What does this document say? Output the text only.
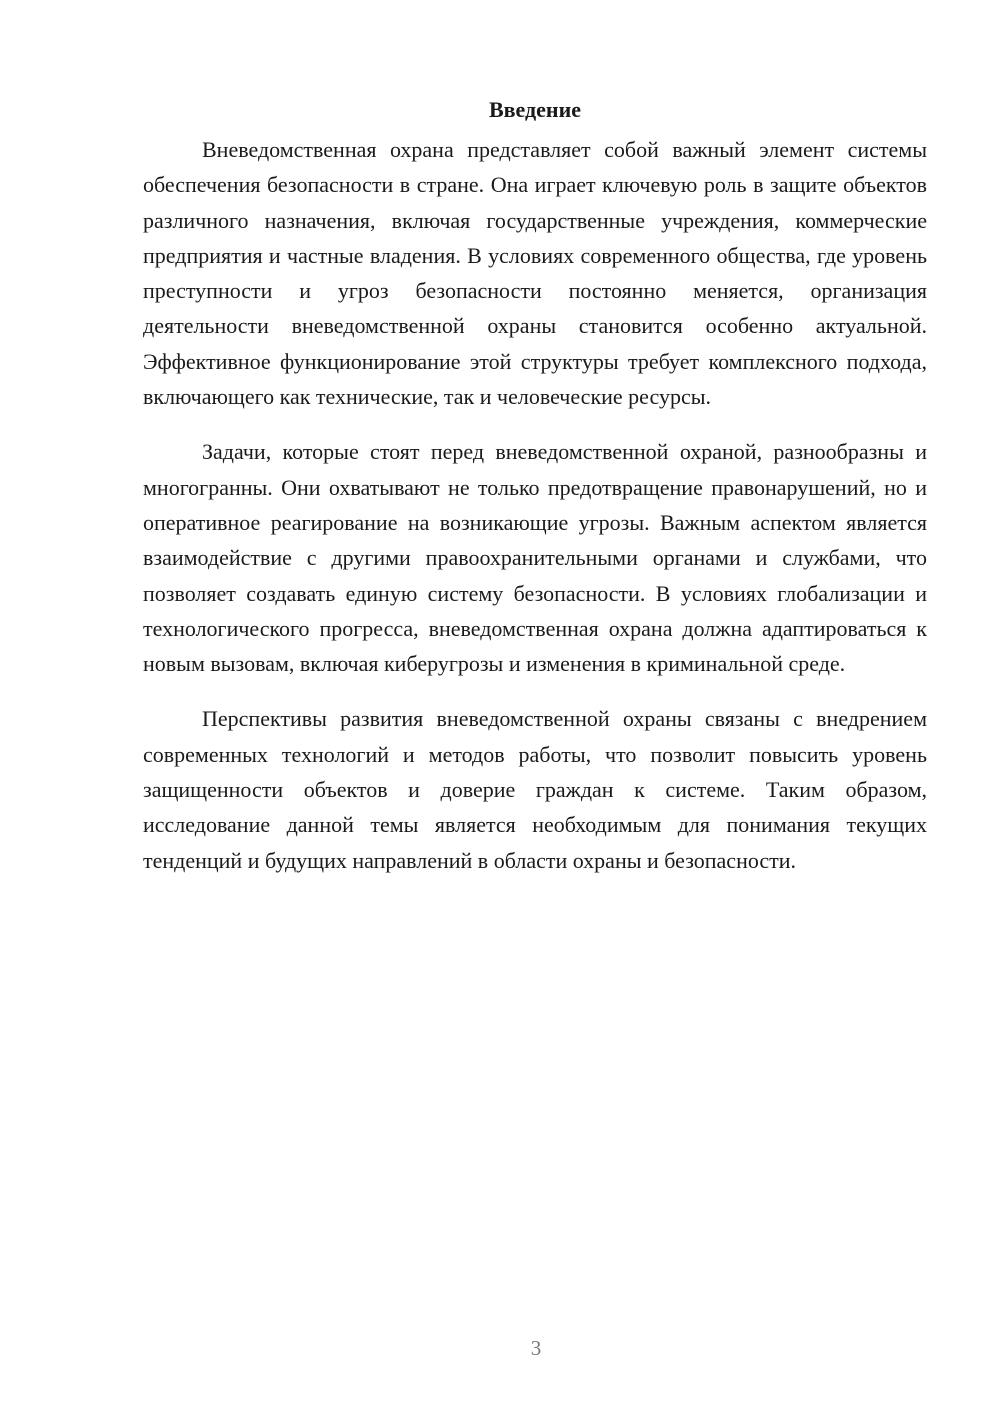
Введение

Вневедомственная охрана представляет собой важный элемент системы обеспечения безопасности в стране. Она играет ключевую роль в защите объектов различного назначения, включая государственные учреждения, коммерческие предприятия и частные владения. В условиях современного общества, где уровень преступности и угроз безопасности постоянно меняется, организация деятельности вневедомственной охраны становится особенно актуальной. Эффективное функционирование этой структуры требует комплексного подхода, включающего как технические, так и человеческие ресурсы.

Задачи, которые стоят перед вневедомственной охраной, разнообразны и многогранны. Они охватывают не только предотвращение правонарушений, но и оперативное реагирование на возникающие угрозы. Важным аспектом является взаимодействие с другими правоохранительными органами и службами, что позволяет создавать единую систему безопасности. В условиях глобализации и технологического прогресса, вневедомственная охрана должна адаптироваться к новым вызовам, включая киберугрозы и изменения в криминальной среде.

Перспективы развития вневедомственной охраны связаны с внедрением современных технологий и методов работы, что позволит повысить уровень защищенности объектов и доверие граждан к системе. Таким образом, исследование данной темы является необходимым для понимания текущих тенденций и будущих направлений в области охраны и безопасности.

3
